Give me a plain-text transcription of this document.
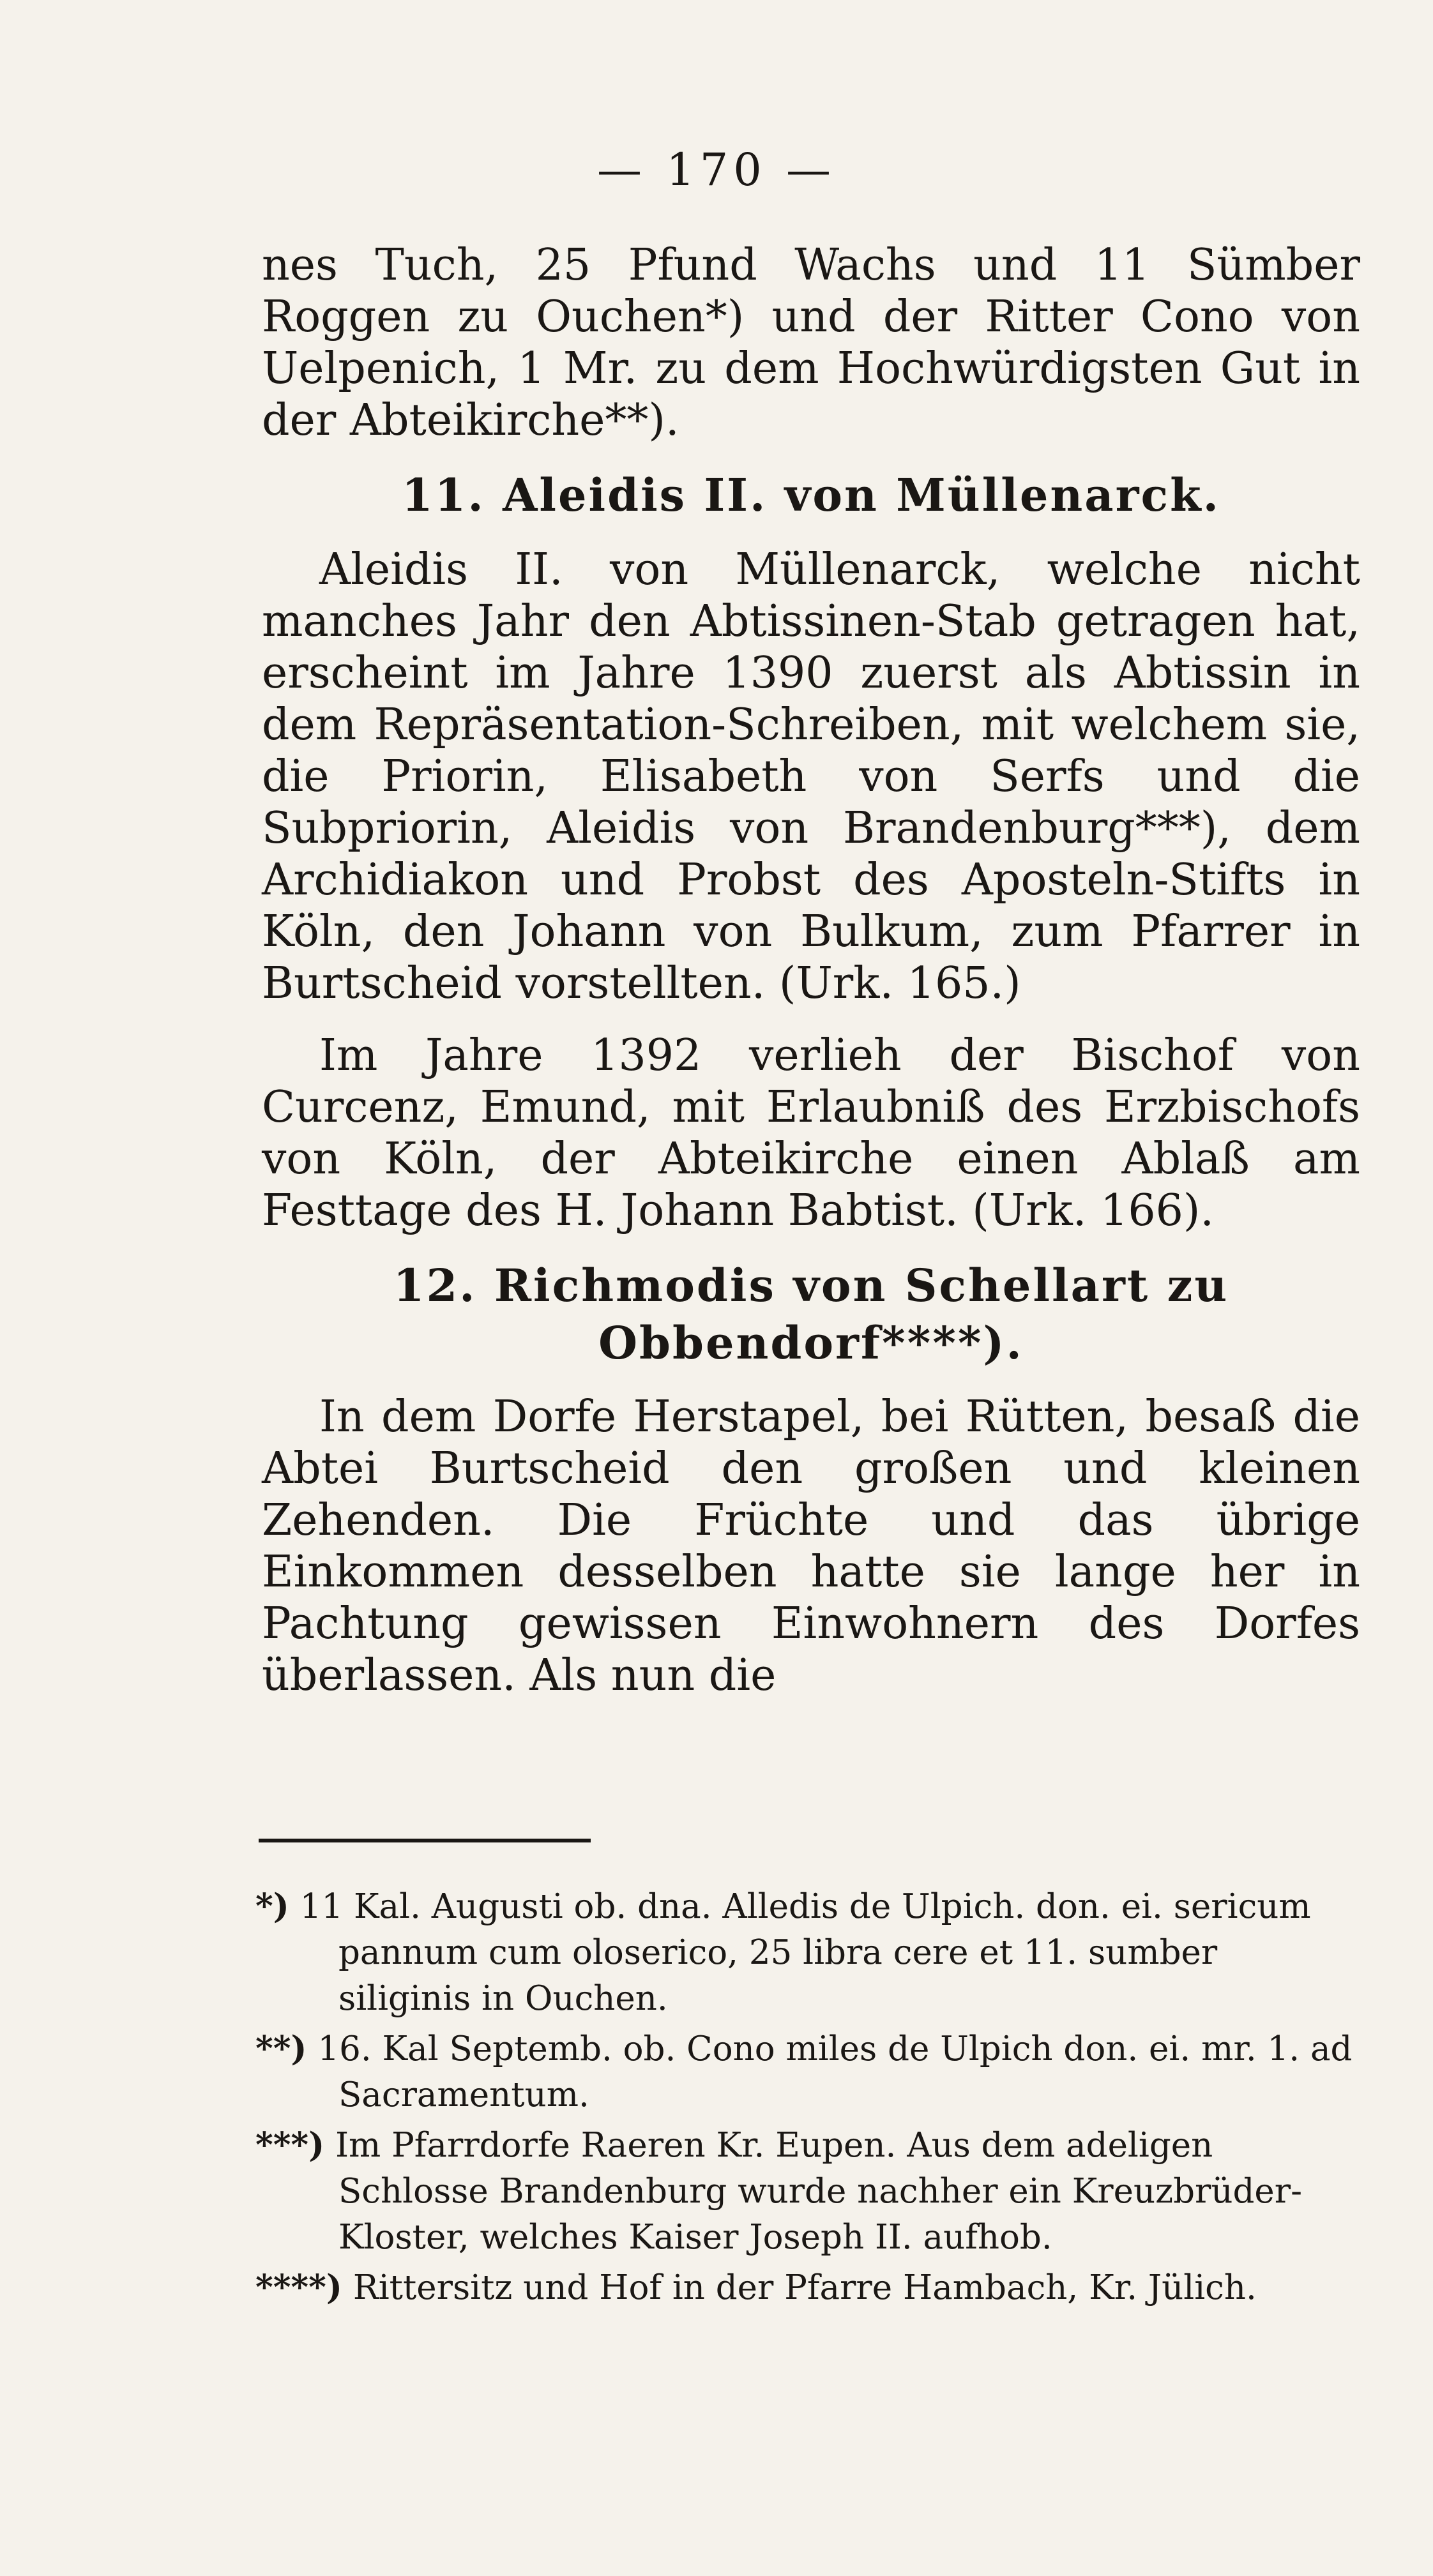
— 170 —

nes Tuch, 25 Pfund Wachs und 11 Sümber Roggen zu Ouchen*) und der Ritter Cono von Uelpenich, 1 Mr. zu dem Hochwürdigsten Gut in der Abteikirche**).

11. Aleidis II. von Müllenarck.

Aleidis II. von Müllenarck, welche nicht manches Jahr den Abtissinen-Stab getragen hat, erscheint im Jahre 1390 zuerst als Abtissin in dem Repräsentation-Schreiben, mit welchem sie, die Priorin, Elisabeth von Serfs und die Subpriorin, Aleidis von Brandenburg***), dem Archidiakon und Probst des Aposteln-Stifts in Köln, den Johann von Bulkum, zum Pfarrer in Burtscheid vorstellten. (Urk. 165.)

Im Jahre 1392 verlieh der Bischof von Curcenz, Emund, mit Erlaubniß des Erzbischofs von Köln, der Abteikirche einen Ablaß am Festtage des H. Johann Babtist. (Urk. 166).

12. Richmodis von Schellart zu
Obbendorf****).

In dem Dorfe Herstapel, bei Rütten, besaß die Abtei Burtscheid den großen und kleinen Zehenden. Die Früchte und das übrige Einkommen desselben hatte sie lange her in Pachtung gewissen Einwohnern des Dorfes überlassen. Als nun die

*) 11 Kal. Augusti ob. dna. Alledis de Ulpich. don. ei. sericum pannum cum oloserico, 25 libra cere et 11. sumber siliginis in Ouchen.

**) 16. Kal Septemb. ob. Cono miles de Ulpich don. ei. mr. 1. ad Sacramentum.

***) Im Pfarrdorfe Raeren Kr. Eupen. Aus dem adeligen Schlosse Brandenburg wurde nachher ein Kreuzbrüder-Kloster, welches Kaiser Joseph II. aufhob.

****) Rittersitz und Hof in der Pfarre Hambach, Kr. Jülich.
